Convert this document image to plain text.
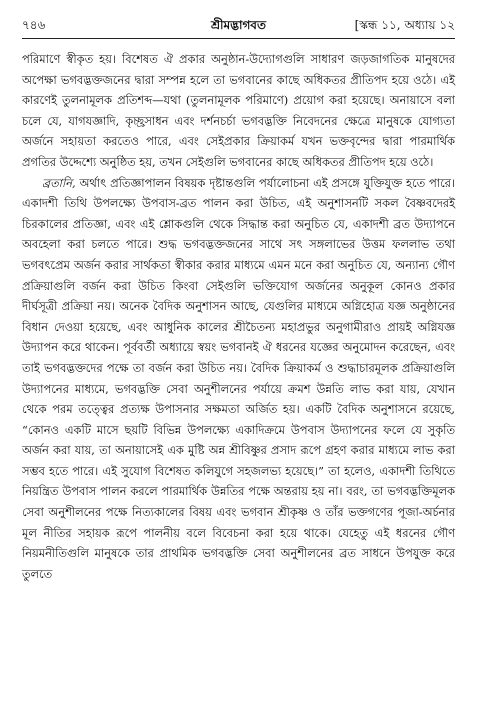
৭৪৬	শ্রীমদ্ভাগবত	[স্কন্ধ ১১, অধ্যায় ১২

পরিমাণে স্বীকৃত হয়। বিশেষত ঐ প্রকার অনুষ্ঠান-উদ্যোগগুলি সাধারণ জড়জাগতিক মানুষদের অপেক্ষা ভগবদ্ভক্তজনের দ্বারা সম্পন্ন হলে তা ভগবানের কাছে অধিকতর প্রীতিপদ হয়ে ওঠে। এই কারণেই তুলনামূলক প্রতিশব্দ—যথা (তুলনামূলক পরিমাণে) প্রয়োগ করা হয়েছে। অনায়াসে বলা চলে যে, যাগযজ্ঞাদি, কৃচ্ছ্রসাধন এবং দর্শনচর্চা ভগবদ্ভক্তি নিবেদনের ক্ষেত্রে মানুষকে যোগ্যতা অর্জনে সহায়তা করতেও পারে, এবং সেইপ্রকার ক্রিয়াকর্ম যখন ভক্তবৃন্দের দ্বারা পারমার্থিক প্রগতির উদ্দেশ্যে অনুষ্ঠিত হয়, তখন সেইগুলি ভগবানের কাছে অধিকতর প্রীতিপদ হয়ে ওঠে।

ব্রতানি, অর্থাৎ প্রতিজ্ঞাপালন বিষয়ক দৃষ্টান্তগুলি পর্যালোচনা এই প্রসঙ্গে যুক্তিযুক্ত হতে পারে। একাদশী তিথি উপলক্ষ্যে উপবাস-ব্রত পালন করা উচিত, এই অনুশাসনটি সকল বৈষ্ণবদেরই চিরকালের প্রতিজ্ঞা, এবং এই শ্লোকগুলি থেকে সিদ্ধান্ত করা অনুচিত যে, একাদশী ব্রত উদ্যাপনে অবহেলা করা চলতে পারে। শুদ্ধ ভগবদ্ভক্তজনের সাথে সৎ সঙ্গলাভের উত্তম ফললাভ তথা ভগবৎপ্রেম অর্জন করার সার্থকতা স্বীকার করার মাধ্যমে এমন মনে করা অনুচিত যে, অন্যান্য গৌণ প্রক্রিয়াগুলি বর্জন করা উচিত কিংবা সেইগুলি ভক্তিযোগ অর্জনের অনুকূল কোনও প্রকার দীর্ঘসূত্রী প্রক্রিয়া নয়। অনেক বৈদিক অনুশাসন আছে, যেগুলির মাধ্যমে অগ্নিহোত্র যজ্ঞ অনুষ্ঠানের বিধান দেওয়া হয়েছে, এবং আধুনিক কালের শ্রীচৈতন্য মহাপ্রভুর অনুগামীরাও প্রায়ই অগ্নিযজ্ঞ উদ্যাপন করে থাকেন। পূর্ববর্তী অধ্যায়ে স্বয়ং ভগবানই ঐ ধরনের যজ্ঞের অনুমোদন করেছেন, এবং তাই ভগবদ্ভক্তদের পক্ষে তা বর্জন করা উচিত নয়। বৈদিক ক্রিয়াকর্ম ও শুদ্ধাচারমূলক প্রক্রিয়াগুলি উদ্যাপনের মাধ্যমে, ভগবদ্ভক্তি সেবা অনুশীলনের পর্যায়ে ক্রমশ উন্নতি লাভ করা যায়, যেখান থেকে পরম তত্ত্বের প্রত্যক্ষ উপাসনার সক্ষমতা অর্জিত হয়। একটি বৈদিক অনুশাসনে রয়েছে, “কোনও একটি মাসে ছয়টি বিভিন্ন উপলক্ষ্যে একাদিক্রমে উপবাস উদ্যাপনের ফলে যে সুকৃতি অর্জন করা যায়, তা অনায়াসেই এক মুষ্টি অন্ন শ্রীবিষ্ণুর প্রসাদ রূপে গ্রহণ করার মাধ্যমে লাভ করা সম্ভব হতে পারে। এই সুযোগ বিশেষত কলিযুগে সহজলভ্য হয়েছে।” তা হলেও, একাদশী তিথিতে নিয়ন্ত্রিত উপবাস পালন করলে পারমার্থিক উন্নতির পক্ষে অন্তরায় হয় না। বরং, তা ভগবদ্ভক্তিমূলক সেবা অনুশীলনের পক্ষে নিত্যকালের বিষয় এবং ভগবান শ্রীকৃষ্ণ ও তাঁর ভক্তগণের পূজা-অর্চনার মূল নীতির সহায়ক রূপে পালনীয় বলে বিবেচনা করা হয়ে থাকে। যেহেতু এই ধরনের গৌণ নিয়মনীতিগুলি মানুষকে তার প্রাথমিক ভগবদ্ভক্তি সেবা অনুশীলনের ব্রত সাধনে উপযুক্ত করে তুলতে
